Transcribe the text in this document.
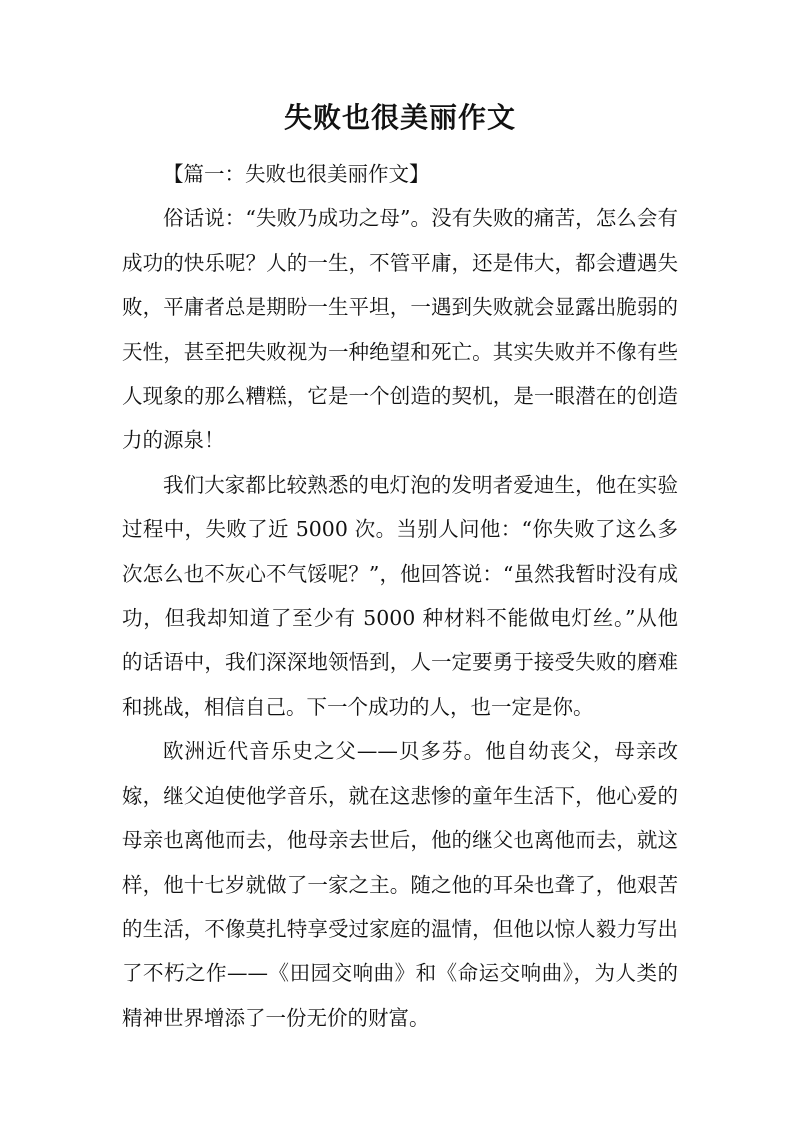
失败也很美丽作文

【篇一：失败也很美丽作文】

俗话说：“失败乃成功之母”。没有失败的痛苦，怎么会有成功的快乐呢？人的一生，不管平庸，还是伟大，都会遭遇失败，平庸者总是期盼一生平坦，一遇到失败就会显露出脆弱的天性，甚至把失败视为一种绝望和死亡。其实失败并不像有些人现象的那么糟糕，它是一个创造的契机，是一眼潜在的创造力的源泉！

我们大家都比较熟悉的电灯泡的发明者爱迪生，他在实验过程中，失败了近 5000 次。当别人问他：“你失败了这么多次怎么也不灰心不气馁呢？”，他回答说：“虽然我暂时没有成功，但我却知道了至少有 5000 种材料不能做电灯丝。”从他的话语中，我们深深地领悟到，人一定要勇于接受失败的磨难和挑战，相信自己。下一个成功的人，也一定是你。

欧洲近代音乐史之父——贝多芬。他自幼丧父，母亲改嫁，继父迫使他学音乐，就在这悲惨的童年生活下，他心爱的母亲也离他而去，他母亲去世后，他的继父也离他而去，就这样，他十七岁就做了一家之主。随之他的耳朵也聋了，他艰苦的生活，不像莫扎特享受过家庭的温情，但他以惊人毅力写出了不朽之作——《田园交响曲》和《命运交响曲》，为人类的精神世界增添了一份无价的财富。
